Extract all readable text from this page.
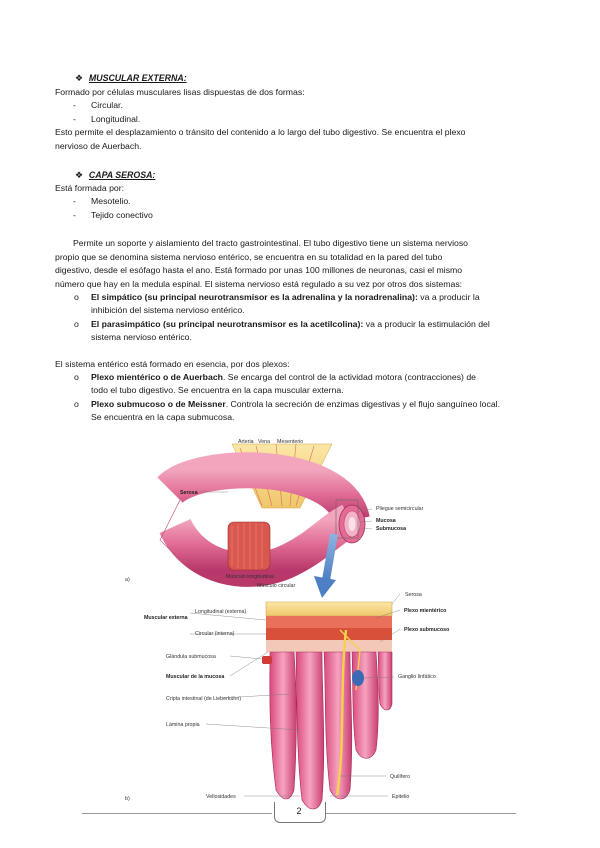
❖ MUSCULAR EXTERNA:
Formado por células musculares lisas dispuestas de dos formas:
- Circular.
- Longitudinal.
Esto permite el desplazamiento o tránsito del contenido a lo largo del tubo digestivo. Se encuentra el plexo
nervioso de Auerbach.
❖ CAPA SEROSA:
Está formada por:
- Mesotelio.
- Tejido conectivo
Permite un soporte y aislamiento del tracto gastrointestinal. El tubo digestivo tiene un sistema nervioso
propio que se denomina sistema nervioso entérico, se encuentra en su totalidad en la pared del tubo
digestivo, desde el esófago hasta el ano. Está formado por unas 100 millones de neuronas, casi el mismo
número que hay en la medula espinal. El sistema nervioso está regulado a su vez por otros dos sistemas:
o El simpático (su principal neurotransmisor es la adrenalina y la noradrenalina): va a producir la
inhibición del sistema nervioso entérico.
o El parasimpático (su principal neurotransmisor es la acetilcolina): va a producir la estimulación del
sistema nervioso entérico.
El sistema entérico está formado en esencia, por dos plexos:
o Plexo mientérico o de Auerbach. Se encarga del control de la actividad motora (contracciones) de
todo el tubo digestivo. Se encuentra en la capa muscular externa.
o Plexo submucoso o de Meissner. Controla la secreción de enzimas digestivas y el flujo sanguíneo local.
Se encuentra en la capa submucosa.
a)
Arteria Vena Mesenterio
Serosa
Pliegue semicircular
Mucosa
Submucosa
Músculo longitudinal
Músculo circular
b)
Serosa
Muscular externa
Longitudinal (externa)	Plexo mientérico
Plexo submucoso
Glándula submucosa
Muscular de la mucosa	Ganglio linfático
Cripta intestinal (de Lieberkühn)
Lámina propia
Quilífero
Vellosidades	Epitelio
2
